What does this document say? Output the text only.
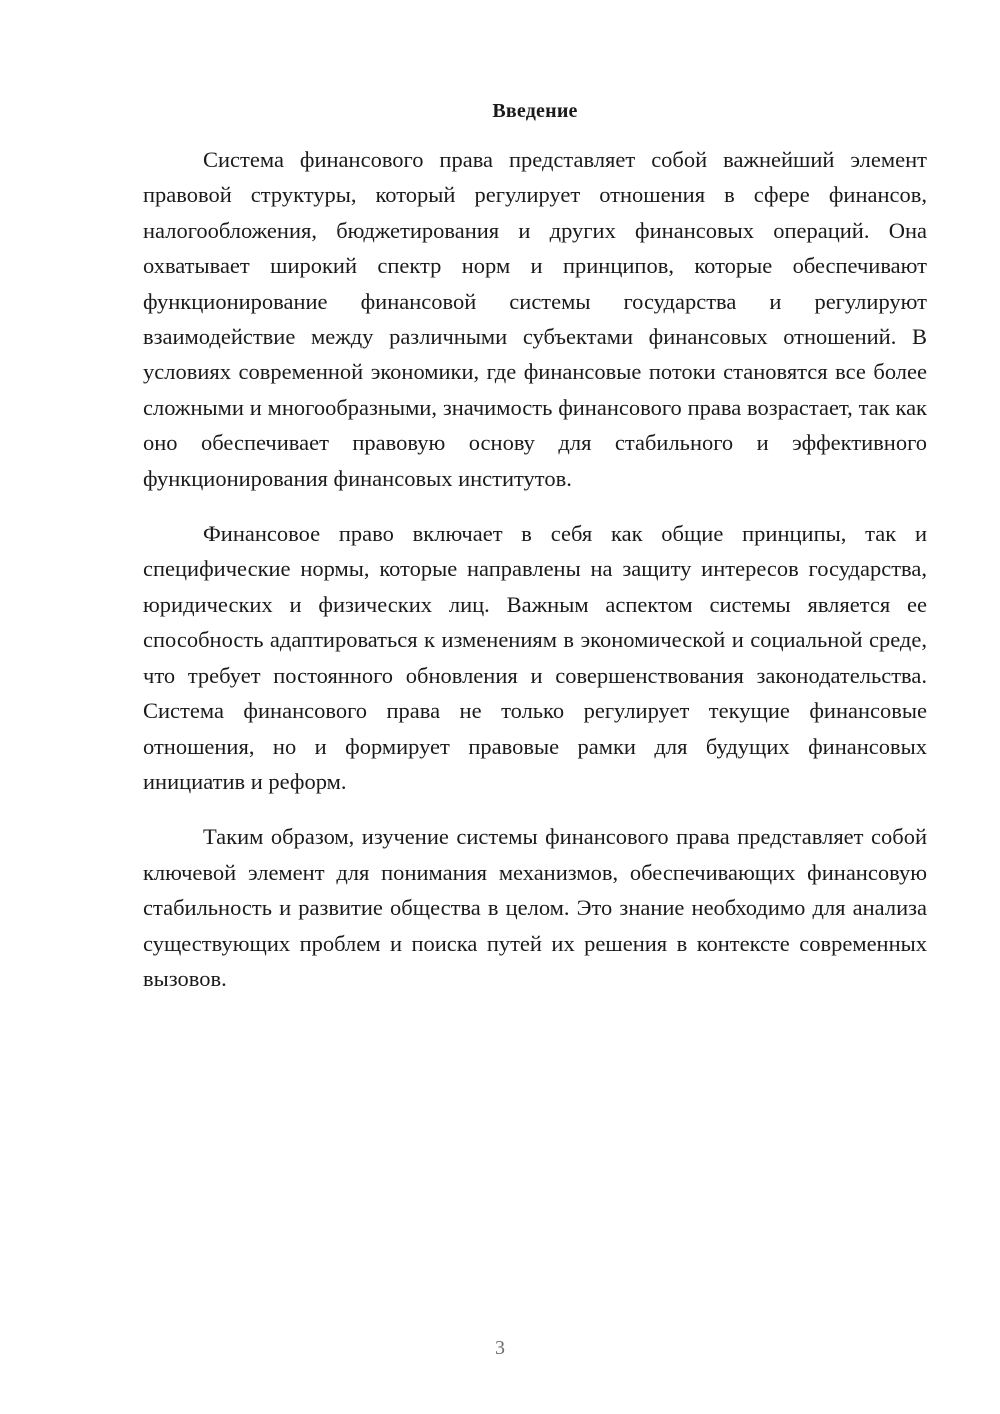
Введение

Система финансового права представляет собой важнейший элемент правовой структуры, который регулирует отношения в сфере финансов, налогообложения, бюджетирования и других финансовых операций. Она охватывает широкий спектр норм и принципов, которые обеспечивают функционирование финансовой системы государства и регулируют взаимодействие между различными субъектами финансовых отношений. В условиях современной экономики, где финансовые потоки становятся все более сложными и многообразными, значимость финансового права возрастает, так как оно обеспечивает правовую основу для стабильного и эффективного функционирования финансовых институтов.

Финансовое право включает в себя как общие принципы, так и специфические нормы, которые направлены на защиту интересов государства, юридических и физических лиц. Важным аспектом системы является ее способность адаптироваться к изменениям в экономической и социальной среде, что требует постоянного обновления и совершенствования законодательства. Система финансового права не только регулирует текущие финансовые отношения, но и формирует правовые рамки для будущих финансовых инициатив и реформ.

Таким образом, изучение системы финансового права представляет собой ключевой элемент для понимания механизмов, обеспечивающих финансовую стабильность и развитие общества в целом. Это знание необходимо для анализа существующих проблем и поиска путей их решения в контексте современных вызовов.

3
